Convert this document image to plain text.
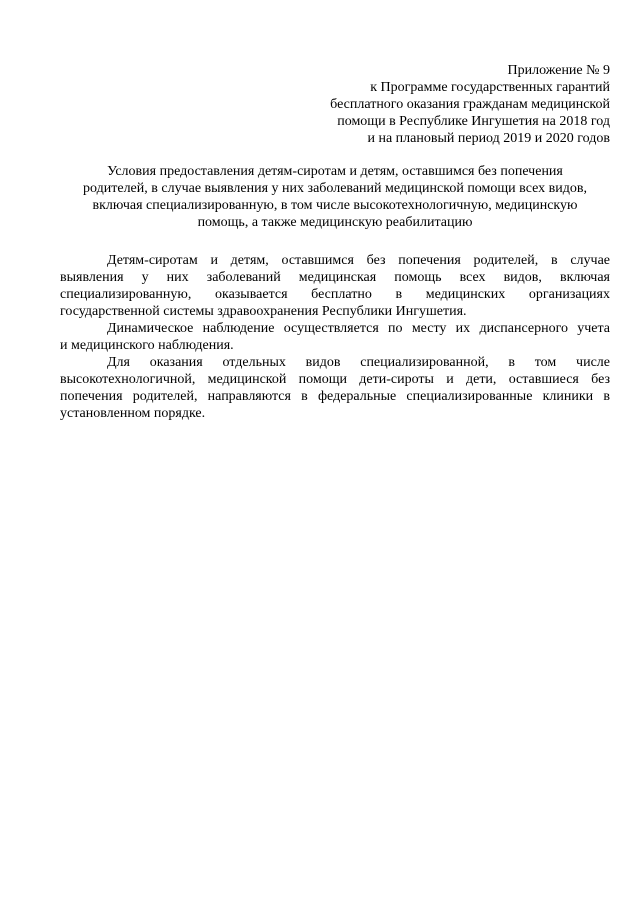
Приложение № 9
к Программе государственных гарантий
бесплатного оказания гражданам медицинской
помощи в Республике Ингушетия на 2018 год
и на плановый период 2019 и 2020 годов
Условия предоставления детям-сиротам и детям, оставшимся без попечения
родителей, в случае выявления у них заболеваний медицинской помощи всех видов,
включая специализированную, в том числе высокотехнологичную, медицинскую
помощь, а также медицинскую реабилитацию

Детям-сиротам и детям, оставшимся без попечения родителей, в случае
выявления у них заболеваний медицинская помощь всех видов, включая
специализированную, оказывается бесплатно в медицинских организациях
государственной системы здравоохранения Республики Ингушетия.

Динамическое наблюдение осуществляется по месту их диспансерного учета
и медицинского наблюдения.

Для оказания отдельных видов специализированной, в том числе
высокотехнологичной, медицинской помощи дети-сироты и дети, оставшиеся без
попечения родителей, направляются в федеральные специализированные клиники в
установленном порядке.
